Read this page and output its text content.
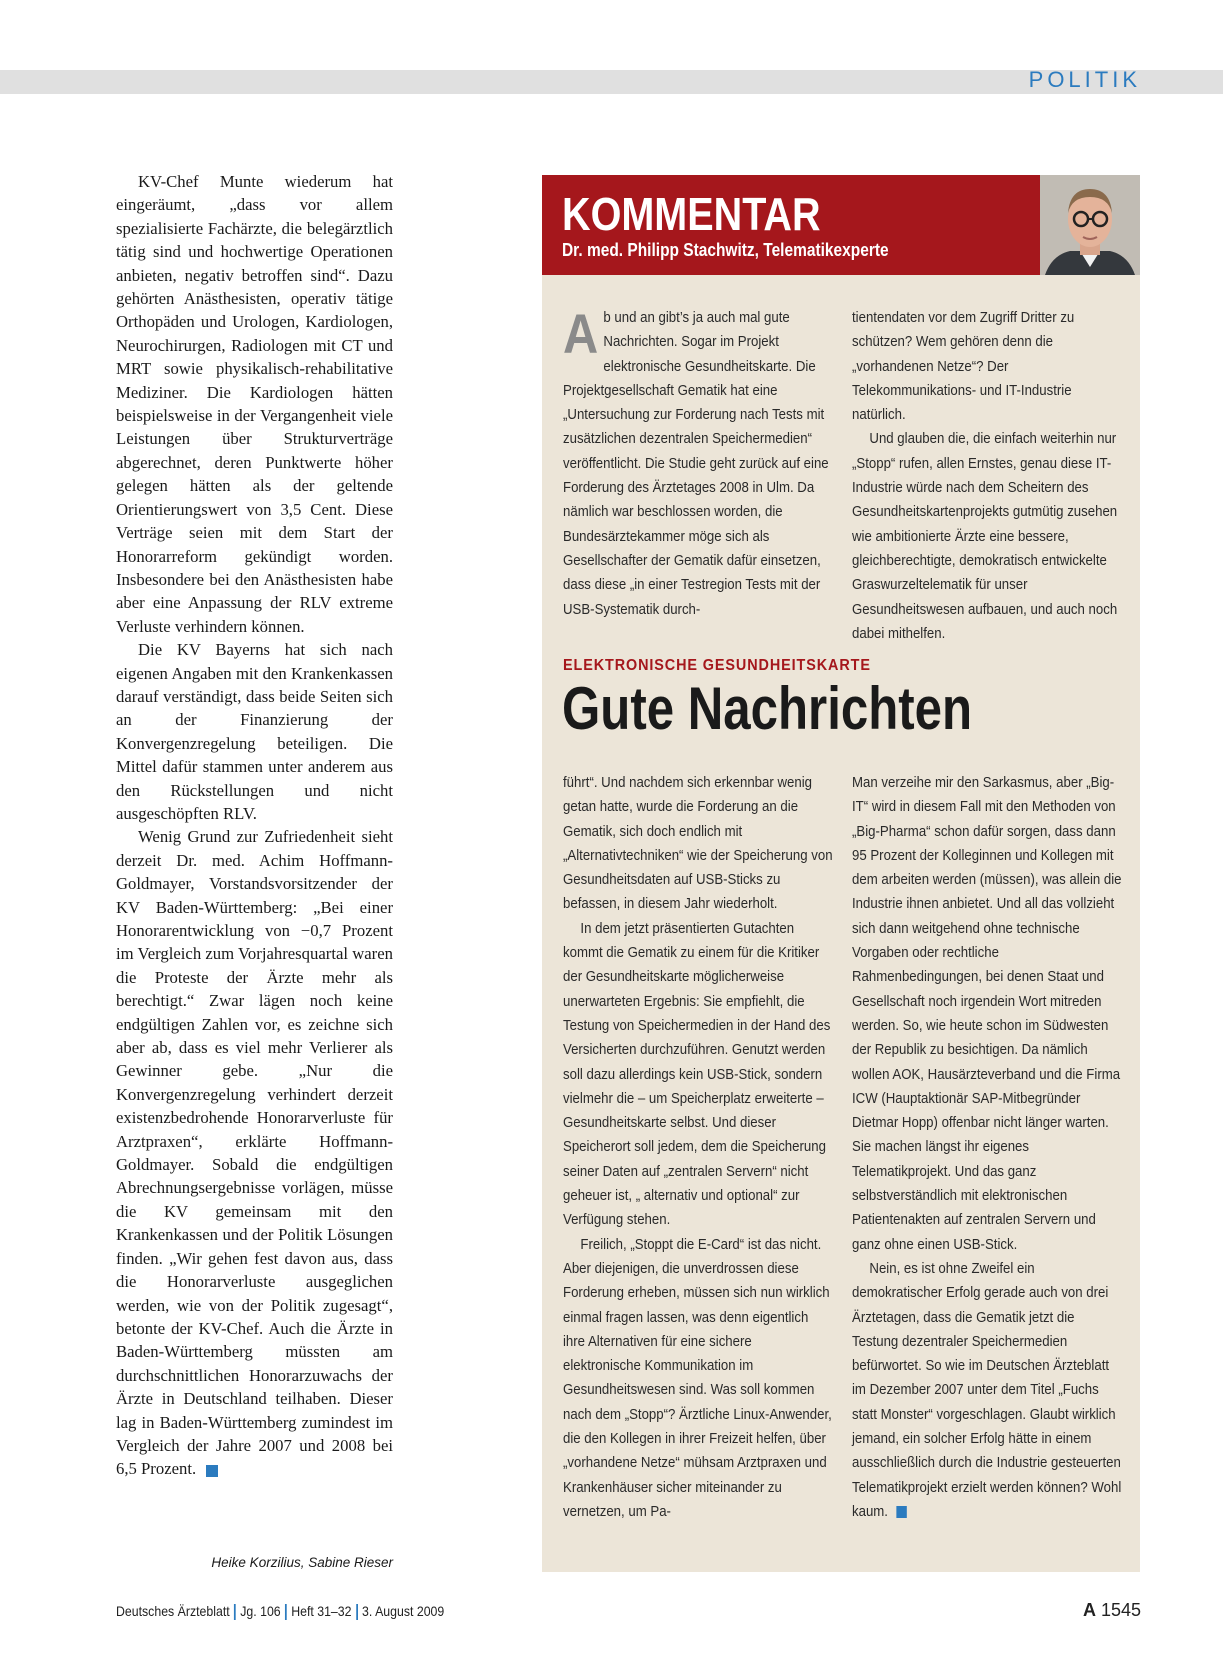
POLITIK

KV-Chef Munte wiederum hat eingeräumt, „dass vor allem spezialisierte Fachärzte, die belegärztlich tätig sind und hochwertige Operationen anbieten, negativ betroffen sind“. Dazu gehörten Anästhesisten, operativ tätige Orthopäden und Urologen, Kardiologen, Neurochirurgen, Radiologen mit CT und MRT sowie physikalisch-rehabilitative Mediziner. Die Kardiologen hätten beispielsweise in der Vergangenheit viele Leistungen über Strukturverträge abgerechnet, deren Punktwerte höher gelegen hätten als der geltende Orientierungswert von 3,5 Cent. Diese Verträge seien mit dem Start der Honorarreform gekündigt worden. Insbesondere bei den Anästhesisten habe aber eine Anpassung der RLV extreme Verluste verhindern können.

Die KV Bayerns hat sich nach eigenen Angaben mit den Krankenkassen darauf verständigt, dass beide Seiten sich an der Finanzierung der Konvergenzregelung beteiligen. Die Mittel dafür stammen unter anderem aus den Rückstellungen und nicht ausgeschöpften RLV.

Wenig Grund zur Zufriedenheit sieht derzeit Dr. med. Achim Hoffmann-Goldmayer, Vorstandsvorsitzender der KV Baden-Württemberg: „Bei einer Honorarentwicklung von −0,7 Prozent im Vergleich zum Vorjahresquartal waren die Proteste der Ärzte mehr als berechtigt.“ Zwar lägen noch keine endgültigen Zahlen vor, es zeichne sich aber ab, dass es viel mehr Verlierer als Gewinner gebe. „Nur die Konvergenzregelung verhindert derzeit existenzbedrohende Honorarverluste für Arztpraxen“, erklärte Hoffmann-Goldmayer. Sobald die endgültigen Abrechnungsergebnisse vorlägen, müsse die KV gemeinsam mit den Krankenkassen und der Politik Lösungen finden. „Wir gehen fest davon aus, dass die Honorarverluste ausgeglichen werden, wie von der Politik zugesagt“, betonte der KV-Chef. Auch die Ärzte in Baden-Württemberg müssten am durchschnittlichen Honorarzuwachs der Ärzte in Deutschland teilhaben. Dieser lag in Baden-Württemberg zumindest im Vergleich der Jahre 2007 und 2008 bei 6,5 Prozent.

Heike Korzilius, Sabine Rieser
KOMMENTAR
Dr. med. Philipp Stachwitz, Telematikexperte

Ab und an gibt’s ja auch mal gute Nachrichten. Sogar im Projekt elektronische Gesundheitskarte. Die Projektgesellschaft Gematik hat eine „Untersuchung zur Forderung nach Tests mit zusätzlichen dezentralen Speichermedien“ veröffentlicht. Die Studie geht zurück auf eine Forderung des Ärztetages 2008 in Ulm. Da nämlich war beschlossen worden, die Bundesärztekammer möge sich als Gesellschafter der Gematik dafür einsetzen, dass diese „in einer Testregion Tests mit der USB-Systematik durch-

tientendaten vor dem Zugriff Dritter zu schützen? Wem gehören denn die „vorhandenen Netze“? Der Telekommunikations- und IT-Industrie natürlich.

Und glauben die, die einfach weiterhin nur „Stopp“ rufen, allen Ernstes, genau diese IT-Industrie würde nach dem Scheitern des Gesundheitskartenprojekts gutmütig zusehen wie ambitionierte Ärzte eine bessere, gleichberechtigte, demokratisch entwickelte Graswurzeltelematik für unser Gesundheitswesen aufbauen, und auch noch dabei mithelfen.

ELEKTRONISCHE GESUNDHEITSKARTE
Gute Nachrichten

führt“. Und nachdem sich erkennbar wenig getan hatte, wurde die Forderung an die Gematik, sich doch endlich mit „Alternativtechniken“ wie der Speicherung von Gesundheitsdaten auf USB-Sticks zu befassen, in diesem Jahr wiederholt.

In dem jetzt präsentierten Gutachten kommt die Gematik zu einem für die Kritiker der Gesundheitskarte möglicherweise unerwarteten Ergebnis: Sie empfiehlt, die Testung von Speichermedien in der Hand des Versicherten durchzuführen. Genutzt werden soll dazu allerdings kein USB-Stick, sondern vielmehr die – um Speicherplatz erweiterte – Gesundheitskarte selbst. Und dieser Speicherort soll jedem, dem die Speicherung seiner Daten auf „zentralen Servern“ nicht geheuer ist, „ alternativ und optional“ zur Verfügung stehen.

Freilich, „Stoppt die E-Card“ ist das nicht. Aber diejenigen, die unverdrossen diese Forderung erheben, müssen sich nun wirklich einmal fragen lassen, was denn eigentlich ihre Alternativen für eine sichere elektronische Kommunikation im Gesundheitswesen sind. Was soll kommen nach dem „Stopp“? Ärztliche Linux-Anwender, die den Kollegen in ihrer Freizeit helfen, über „vorhandene Netze“ mühsam Arztpraxen und Krankenhäuser sicher miteinander zu vernetzen, um Pa-

Man verzeihe mir den Sarkasmus, aber „Big-IT“ wird in diesem Fall mit den Methoden von „Big-Pharma“ schon dafür sorgen, dass dann 95 Prozent der Kolleginnen und Kollegen mit dem arbeiten werden (müssen), was allein die Industrie ihnen anbietet. Und all das vollzieht sich dann weitgehend ohne technische Vorgaben oder rechtliche Rahmenbedingungen, bei denen Staat und Gesellschaft noch irgendein Wort mitreden werden. So, wie heute schon im Südwesten der Republik zu besichtigen. Da nämlich wollen AOK, Hausärzteverband und die Firma ICW (Hauptaktionär SAP-Mitbegründer Dietmar Hopp) offenbar nicht länger warten. Sie machen längst ihr eigenes Telematikprojekt. Und das ganz selbstverständlich mit elektronischen Patientenakten auf zentralen Servern und ganz ohne einen USB-Stick.

Nein, es ist ohne Zweifel ein demokratischer Erfolg gerade auch von drei Ärztetagen, dass die Gematik jetzt die Testung dezentraler Speichermedien befürwortet. So wie im Deutschen Ärzteblatt im Dezember 2007 unter dem Titel „Fuchs statt Monster“ vorgeschlagen. Glaubt wirklich jemand, ein solcher Erfolg hätte in einem ausschließlich durch die Industrie gesteuerten Telematikprojekt erzielt werden können? Wohl kaum.

Deutsches Ärzteblatt Jg. 106 Heft 31–32 3. August 2009	A 1545
